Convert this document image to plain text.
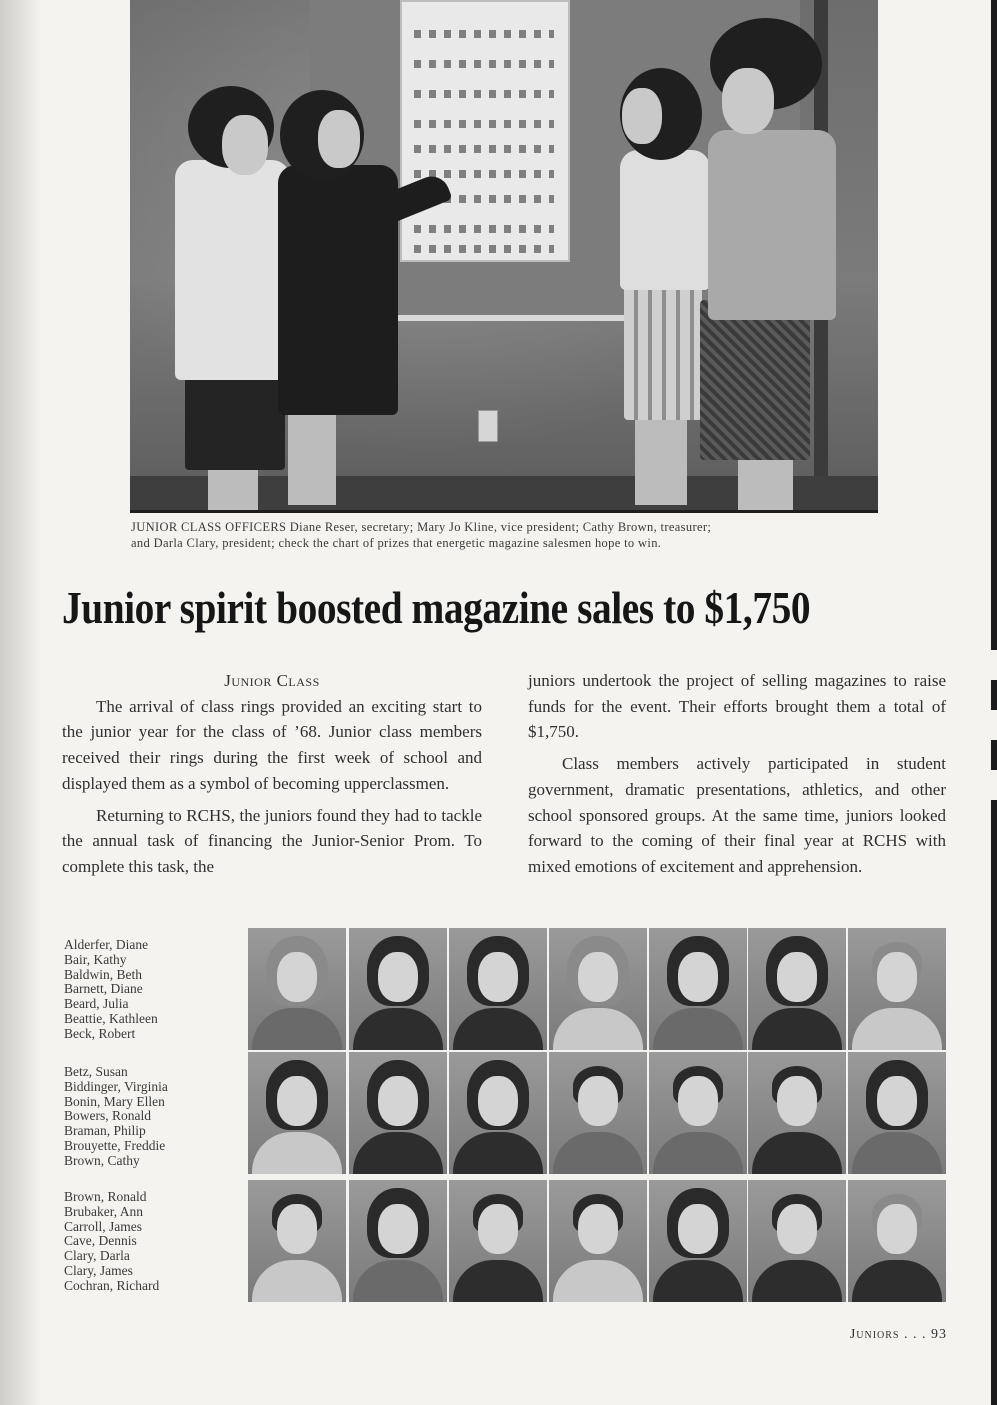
JUNIOR CLASS OFFICERS Diane Reser, secretary; Mary Jo Kline, vice president; Cathy Brown, treasurer;
and Darla Clary, president; check the chart of prizes that energetic magazine salesmen hope to win.
Junior spirit boosted magazine sales to $1,750
Junior Class

The arrival of class rings provided an exciting start to the junior year for the class of ’68. Junior class members received their rings during the first week of school and displayed them as a symbol of becoming upperclassmen.

Returning to RCHS, the juniors found they had to tackle the annual task of financing the Junior-Senior Prom. To complete this task, the

juniors undertook the project of selling magazines to raise funds for the event. Their efforts brought them a total of $1,750.

Class members actively participated in student government, dramatic presentations, athletics, and other school sponsored groups. At the same time, juniors looked forward to the coming of their final year at RCHS with mixed emotions of excitement and apprehension.

Alderfer, Diane
Bair, Kathy
Baldwin, Beth
Barnett, Diane
Beard, Julia
Beattie, Kathleen
Beck, Robert
Betz, Susan
Biddinger, Virginia
Bonin, Mary Ellen
Bowers, Ronald
Braman, Philip
Brouyette, Freddie
Brown, Cathy
Brown, Ronald
Brubaker, Ann
Carroll, James
Cave, Dennis
Clary, Darla
Clary, James
Cochran, Richard
Juniors . . . 93
